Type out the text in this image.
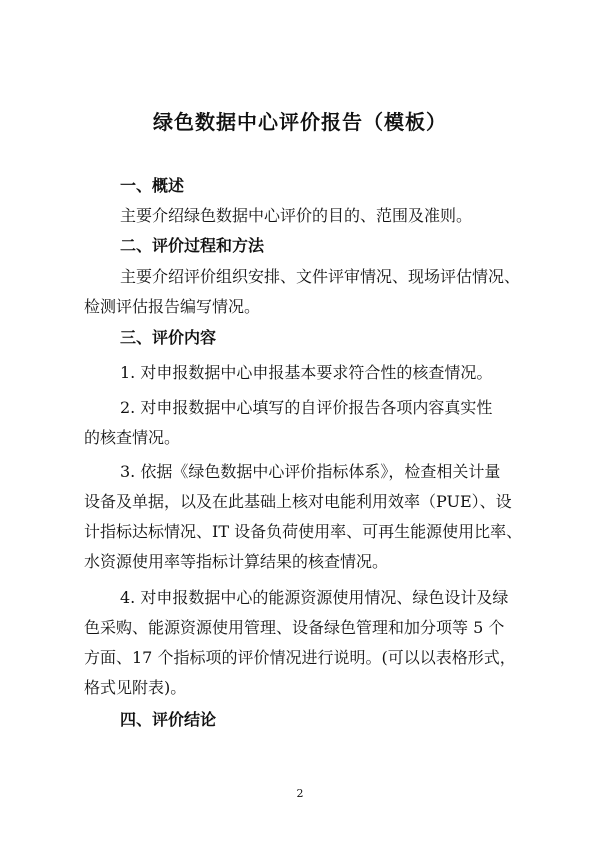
绿色数据中心评价报告（模板）
一、概述
主要介绍绿色数据中心评价的目的、范围及准则。
二、评价过程和方法
主要介绍评价组织安排、文件评审情况、现场评估情况、
检测评估报告编写情况。
三、评价内容
1. 对申报数据中心申报基本要求符合性的核查情况。
2. 对申报数据中心填写的自评价报告各项内容真实性
的核查情况。
3. 依据《绿色数据中心评价指标体系》，检查相关计量
设备及单据，以及在此基础上核对电能利用效率（PUE）、设
计指标达标情况、IT 设备负荷使用率、可再生能源使用比率、
水资源使用率等指标计算结果的核查情况。
4. 对申报数据中心的能源资源使用情况、绿色设计及绿
色采购、能源资源使用管理、设备绿色管理和加分项等 5 个
方面、17 个指标项的评价情况进行说明。(可以以表格形式，
格式见附表)。
四、评价结论
2
